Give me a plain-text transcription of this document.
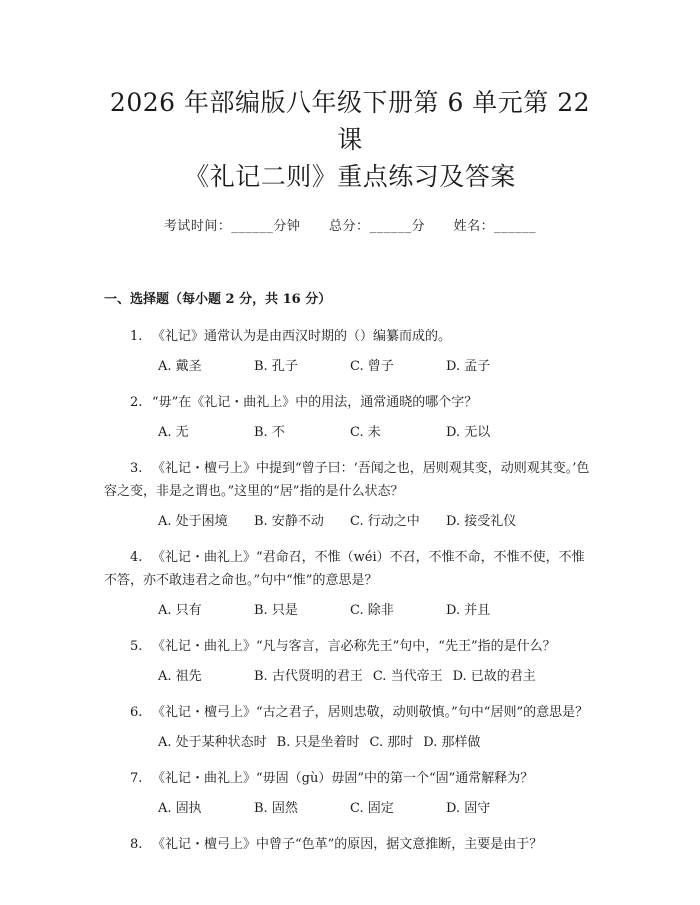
2026 年部编版八年级下册第 6 单元第 22 课
《礼记二则》重点练习及答案
考试时间：______分钟 总分：______分 姓名：______
一、选择题（每小题 2 分，共 16 分）
1. 《礼记》通常认为是由西汉时期的（）编纂而成的。
A. 戴圣	B. 孔子	C. 曾子	D. 孟子
2. “毋”在《礼记・曲礼上》中的用法，通常通晓的哪个字？
A. 无	B. 不	C. 未	D. 无以
3. 《礼记・檀弓上》中提到“曾子曰：‘吾闻之也，居则观其变，动则观其变。’色容之变，非是之谓也。”这里的“居”指的是什么状态？
A. 处于困境	B. 安静不动	C. 行动之中	D. 接受礼仪
4. 《礼记・曲礼上》“君命召，不惟（wéi）不召，不惟不命，不惟不使，不惟不答，亦不敢违君之命也。”句中“惟”的意思是？
A. 只有	B. 只是	C. 除非	D. 并且
5. 《礼记・曲礼上》“凡与客言，言必称先王”句中，“先王”指的是什么？
A. 祖先	B. 古代贤明的君王 C. 当代帝王 D. 已故的君主
6. 《礼记・檀弓上》“古之君子，居则忠敬，动则敬慎。”句中“居则”的意思是？
A. 处于某种状态时 B. 只是坐着时 C. 那时 D. 那样做
7. 《礼记・曲礼上》“毋固（gù）毋固”中的第一个“固”通常解释为？
A. 固执	B. 固然	C. 固定	D. 固守
8. 《礼记・檀弓上》中曾子“色革”的原因，据文意推断，主要是由于？
